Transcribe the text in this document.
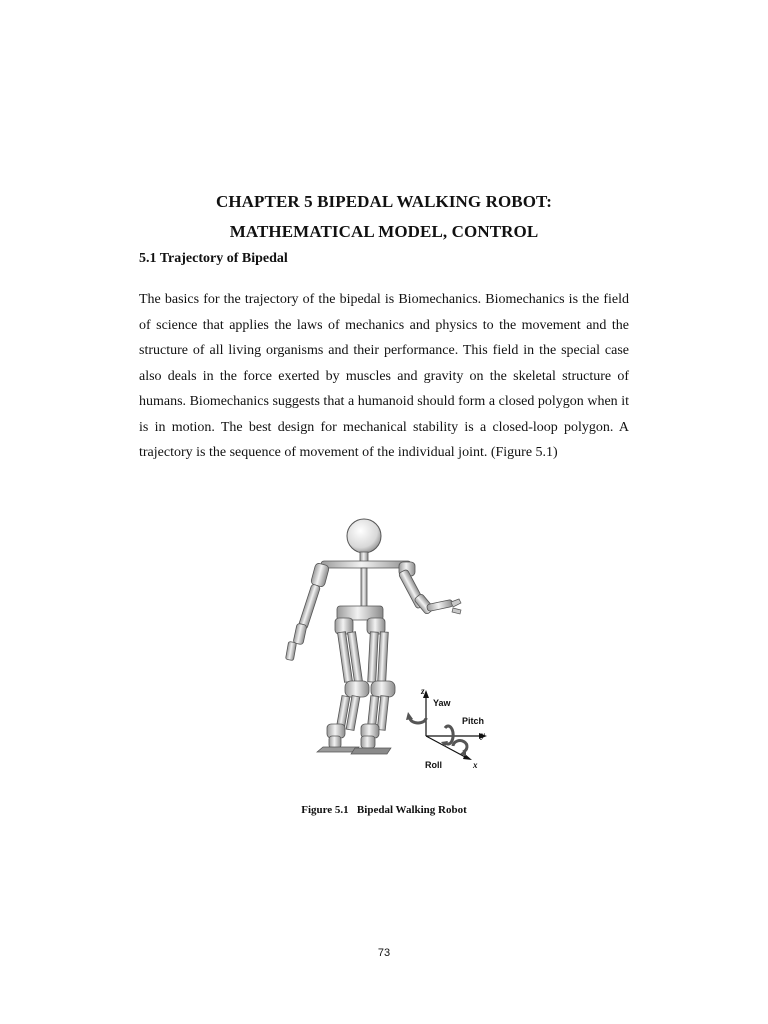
CHAPTER 5 BIPEDAL WALKING ROBOT:
MATHEMATICAL MODEL, CONTROL
5.1 Trajectory of Bipedal

The basics for the trajectory of the bipedal is Biomechanics. Biomechanics is the field of science that applies the laws of mechanics and physics to the movement and the structure of all living organisms and their performance. This field in the special case also deals in the force exerted by muscles and gravity on the skeletal structure of humans. Biomechanics suggests that a humanoid should form a closed polygon when it is in motion. The best design for mechanical stability is a closed-loop polygon. A trajectory is the sequence of movement of the individual joint. (Figure 5.1)

z
Yaw
Pitch
y
Roll	x
Figure 5.1   Bipedal Walking Robot
73
